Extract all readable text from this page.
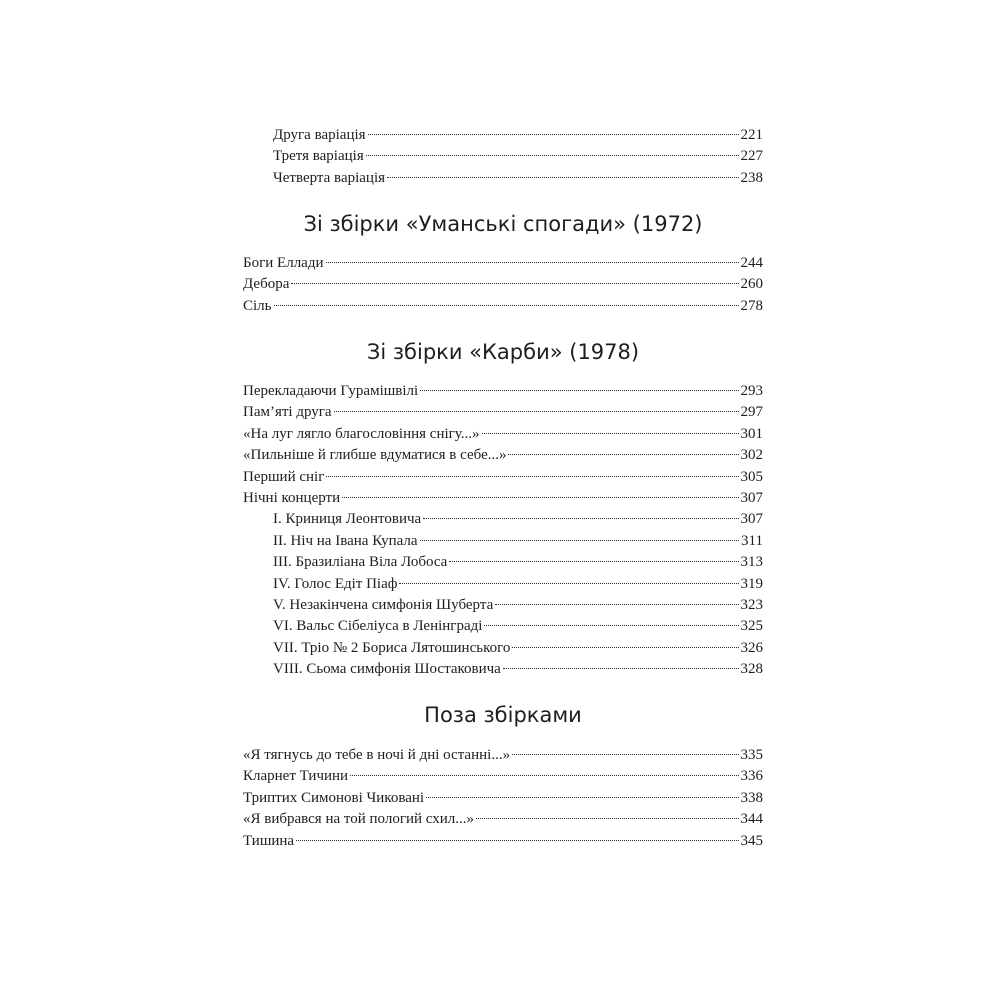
Друга варіація	221
Третя варіація	227
Четверта варіація	238
Зі збірки «Уманські спогади» (1972)
Боги Еллади	244
Дебора	260
Сіль	278
Зі збірки «Карби» (1978)
Перекладаючи Гурамішвілі	293
Пам’яті друга	297
«На луг лягло благословіння снігу...»	301
«Пильніше й глибше вдуматися в себе...»	302
Перший сніг	305
Нічні концерти	307
І. Криниця Леонтовича	307
ІІ. Ніч на Івана Купала	311
ІІІ. Бразиліана Віла Лобоса	313
IV. Голос Едіт Піаф	319
V. Незакінчена симфонія Шуберта	323
VI. Вальс Сібеліуса в Ленінграді	325
VII. Тріо № 2 Бориса Лятошинського	326
VIII. Сьома симфонія Шостаковича	328
Поза збірками
«Я тягнусь до тебе в ночі й дні останні...»	335
Кларнет Тичини	336
Триптих Симонові Чиковані	338
«Я вибрався на той пологий схил...»	344
Тишина	345
